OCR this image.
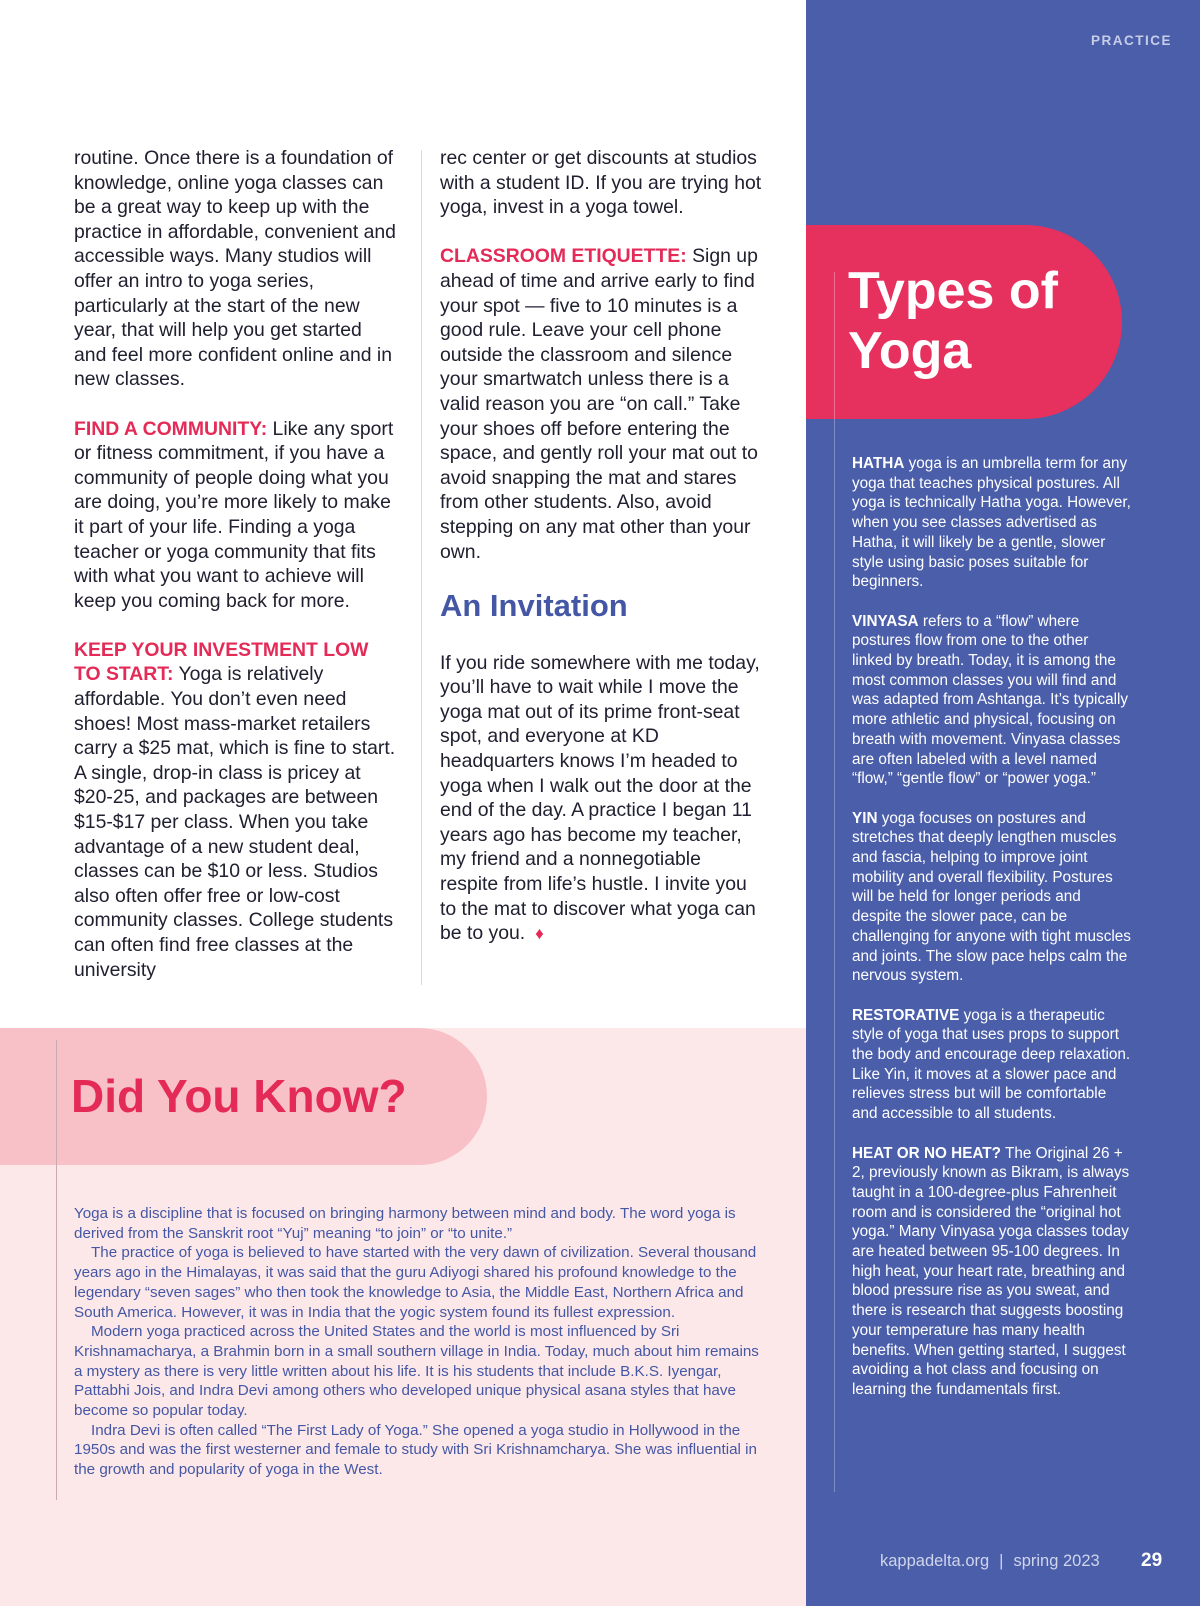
routine. Once there is a foundation of knowledge, online yoga classes can be a great way to keep up with the practice in affordable, convenient and accessible ways. Many studios will offer an intro to yoga series, particularly at the start of the new year, that will help you get started and feel more confident online and in new classes.

FIND A COMMUNITY: Like any sport or fitness commitment, if you have a community of people doing what you are doing, you’re more likely to make it part of your life. Finding a yoga teacher or yoga community that fits with what you want to achieve will keep you coming back for more.

KEEP YOUR INVESTMENT LOW TO START: Yoga is relatively affordable. You don’t even need shoes! Most mass-market retailers carry a $25 mat, which is fine to start. A single, drop-in class is pricey at $20-25, and packages are between $15-$17 per class. When you take advantage of a new student deal, classes can be $10 or less. Studios also often offer free or low-cost community classes. College students can often find free classes at the university

rec center or get discounts at studios with a student ID. If you are trying hot yoga, invest in a yoga towel.

CLASSROOM ETIQUETTE: Sign up ahead of time and arrive early to find your spot — five to 10 minutes is a good rule. Leave your cell phone outside the classroom and silence your smartwatch unless there is a valid reason you are “on call.” Take your shoes off before entering the space, and gently roll your mat out to avoid snapping the mat and stares from other students. Also, avoid stepping on any mat other than your own.

An Invitation

If you ride somewhere with me today, you’ll have to wait while I move the yoga mat out of its prime front-seat spot, and everyone at KD headquarters knows I’m headed to yoga when I walk out the door at the end of the day. A practice I began 11 years ago has become my teacher, my friend and a nonnegotiable respite from life’s hustle. I invite you to the mat to discover what yoga can be to you. ♦

PRACTICE
Types of
Yoga

HATHA yoga is an umbrella term for any yoga that teaches physical postures. All yoga is technically Hatha yoga. However, when you see classes advertised as Hatha, it will likely be a gentle, slower style using basic poses suitable for beginners.

VINYASA refers to a “flow” where postures flow from one to the other linked by breath. Today, it is among the most common classes you will find and was adapted from Ashtanga. It’s typically more athletic and physical, focusing on breath with movement. Vinyasa classes are often labeled with a level named “flow,” “gentle flow” or “power yoga.”

YIN yoga focuses on postures and stretches that deeply lengthen muscles and fascia, helping to improve joint mobility and overall flexibility. Postures will be held for longer periods and despite the slower pace, can be challenging for anyone with tight muscles and joints. The slow pace helps calm the nervous system.

RESTORATIVE yoga is a therapeutic style of yoga that uses props to support the body and encourage deep relaxation. Like Yin, it moves at a slower pace and relieves stress but will be comfortable and accessible to all students.

HEAT OR NO HEAT? The Original 26 + 2, previously known as Bikram, is always taught in a 100-degree-plus Fahrenheit room and is considered the “original hot yoga.” Many Vinyasa yoga classes today are heated between 95-100 degrees. In high heat, your heart rate, breathing and blood pressure rise as you sweat, and there is research that suggests boosting your temperature has many health benefits. When getting started, I suggest avoiding a hot class and focusing on learning the fundamentals first.

kappadelta.org | spring 2023 29
Did You Know?

Yoga is a discipline that is focused on bringing harmony between mind and body. The word yoga is derived from the Sanskrit root “Yuj” meaning “to join” or “to unite.”

The practice of yoga is believed to have started with the very dawn of civilization. Several thousand years ago in the Himalayas, it was said that the guru Adiyogi shared his profound knowledge to the legendary “seven sages” who then took the knowledge to Asia, the Middle East, Northern Africa and South America. However, it was in India that the yogic system found its fullest expression.

Modern yoga practiced across the United States and the world is most influenced by Sri Krishnamacharya, a Brahmin born in a small southern village in India. Today, much about him remains a mystery as there is very little written about his life. It is his students that include B.K.S. Iyengar, Pattabhi Jois, and Indra Devi among others who developed unique physical asana styles that have become so popular today.

Indra Devi is often called “The First Lady of Yoga.” She opened a yoga studio in Hollywood in the 1950s and was the first westerner and female to study with Sri Krishnamcharya. She was influential in the growth and popularity of yoga in the West.
